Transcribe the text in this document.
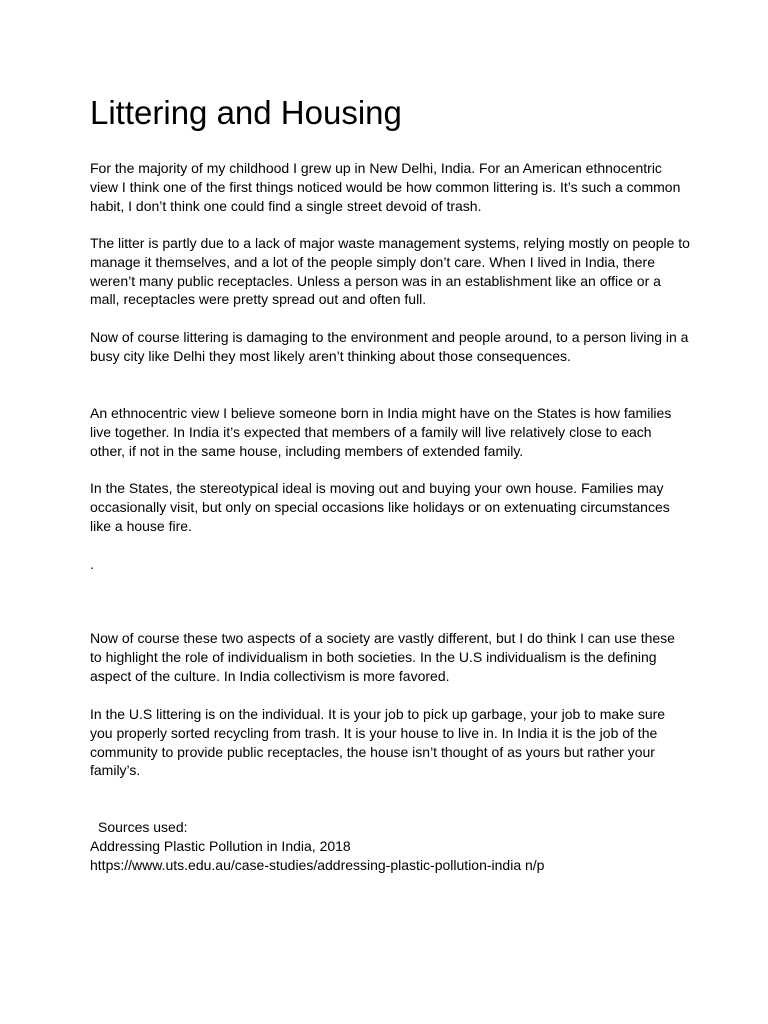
Littering and Housing

For the majority of my childhood I grew up in New Delhi, India. For an American ethnocentric view I think one of the first things noticed would be how common littering is. It’s such a common habit, I don’t think one could find a single street devoid of trash.

The litter is partly due to a lack of major waste management systems, relying mostly on people to manage it themselves, and a lot of the people simply don’t care. When I lived in India, there weren’t many public receptacles. Unless a person was in an establishment like an office or a mall, receptacles were pretty spread out and often full.

Now of course littering is damaging to the environment and people around, to a person living in a busy city like Delhi they most likely aren’t thinking about those consequences.

An ethnocentric view I believe someone born in India might have on the States is how families live together. In India it’s expected that members of a family will live relatively close to each other, if not in the same house, including members of extended family.

In the States, the stereotypical ideal is moving out and buying your own house. Families may occasionally visit, but only on special occasions like holidays or on extenuating circumstances like a house fire.

.

Now of course these two aspects of a society are vastly different, but I do think I can use these to highlight the role of individualism in both societies. In the U.S individualism is the defining aspect of the culture. In India collectivism is more favored.

In the U.S littering is on the individual. It is your job to pick up garbage, your job to make sure you properly sorted recycling from trash. It is your house to live in. In India it is the job of the community to provide public receptacles, the house isn’t thought of as yours but rather your family’s.

Sources used:
Addressing Plastic Pollution in India, 2018
https://www.uts.edu.au/case-studies/addressing-plastic-pollution-india n/p
